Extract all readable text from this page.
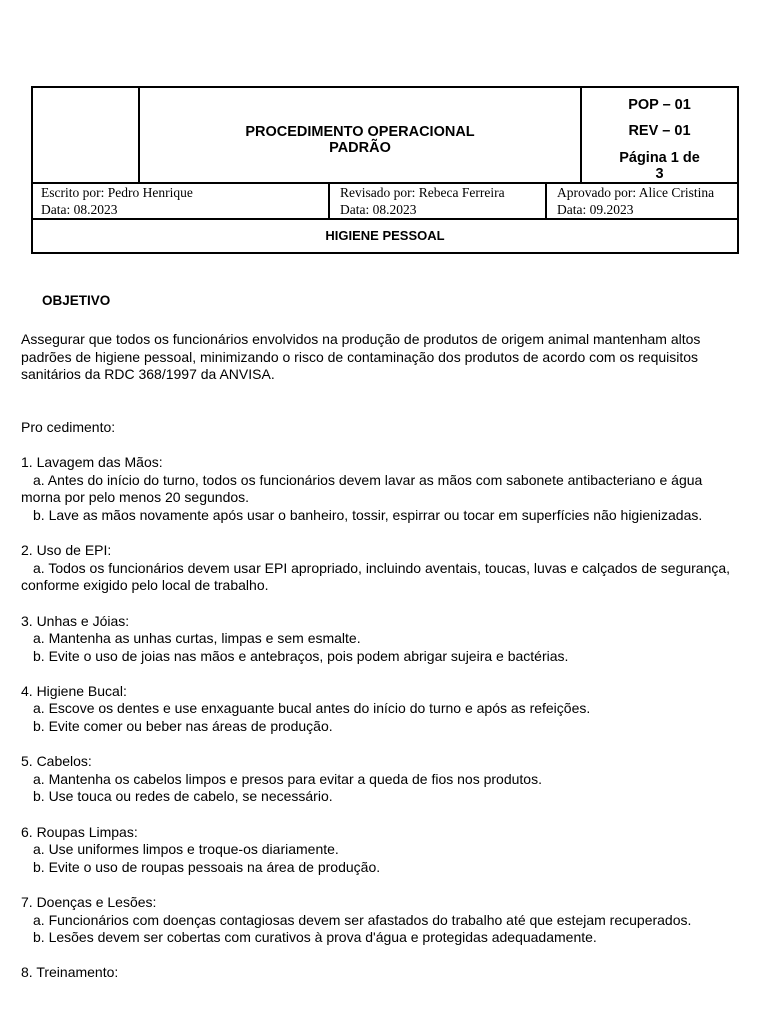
PROCEDIMENTO OPERACIONAL
PADRÃO
POP – 01
REV – 01
Página 1 de
3
Escrito por: Pedro Henrique
Data: 08.2023
Revisado por: Rebeca Ferreira
Data: 08.2023
Aprovado por: Alice Cristina
Data: 09.2023
HIGIENE PESSOAL
OBJETIVO

Assegurar que todos os funcionários envolvidos na produção de produtos de origem animal mantenham altos

padrões de higiene pessoal, minimizando o risco de contaminação dos produtos de acordo com os requisitos

sanitários da RDC 368/1997 da ANVISA.

Pro cedimento:

1. Lavagem das Mãos:

a. Antes do início do turno, todos os funcionários devem lavar as mãos com sabonete antibacteriano e água

morna por pelo menos 20 segundos.

b. Lave as mãos novamente após usar o banheiro, tossir, espirrar ou tocar em superfícies não higienizadas.

2. Uso de EPI:

a. Todos os funcionários devem usar EPI apropriado, incluindo aventais, toucas, luvas e calçados de segurança,

conforme exigido pelo local de trabalho.

3. Unhas e Jóias:

a. Mantenha as unhas curtas, limpas e sem esmalte.

b. Evite o uso de joias nas mãos e antebraços, pois podem abrigar sujeira e bactérias.

4. Higiene Bucal:

a. Escove os dentes e use enxaguante bucal antes do início do turno e após as refeições.

b. Evite comer ou beber nas áreas de produção.

5. Cabelos:

a. Mantenha os cabelos limpos e presos para evitar a queda de fios nos produtos.

b. Use touca ou redes de cabelo, se necessário.

6. Roupas Limpas:

a. Use uniformes limpos e troque-os diariamente.

b. Evite o uso de roupas pessoais na área de produção.

7. Doenças e Lesões:

a. Funcionários com doenças contagiosas devem ser afastados do trabalho até que estejam recuperados.

b. Lesões devem ser cobertas com curativos à prova d'água e protegidas adequadamente.

8. Treinamento:
